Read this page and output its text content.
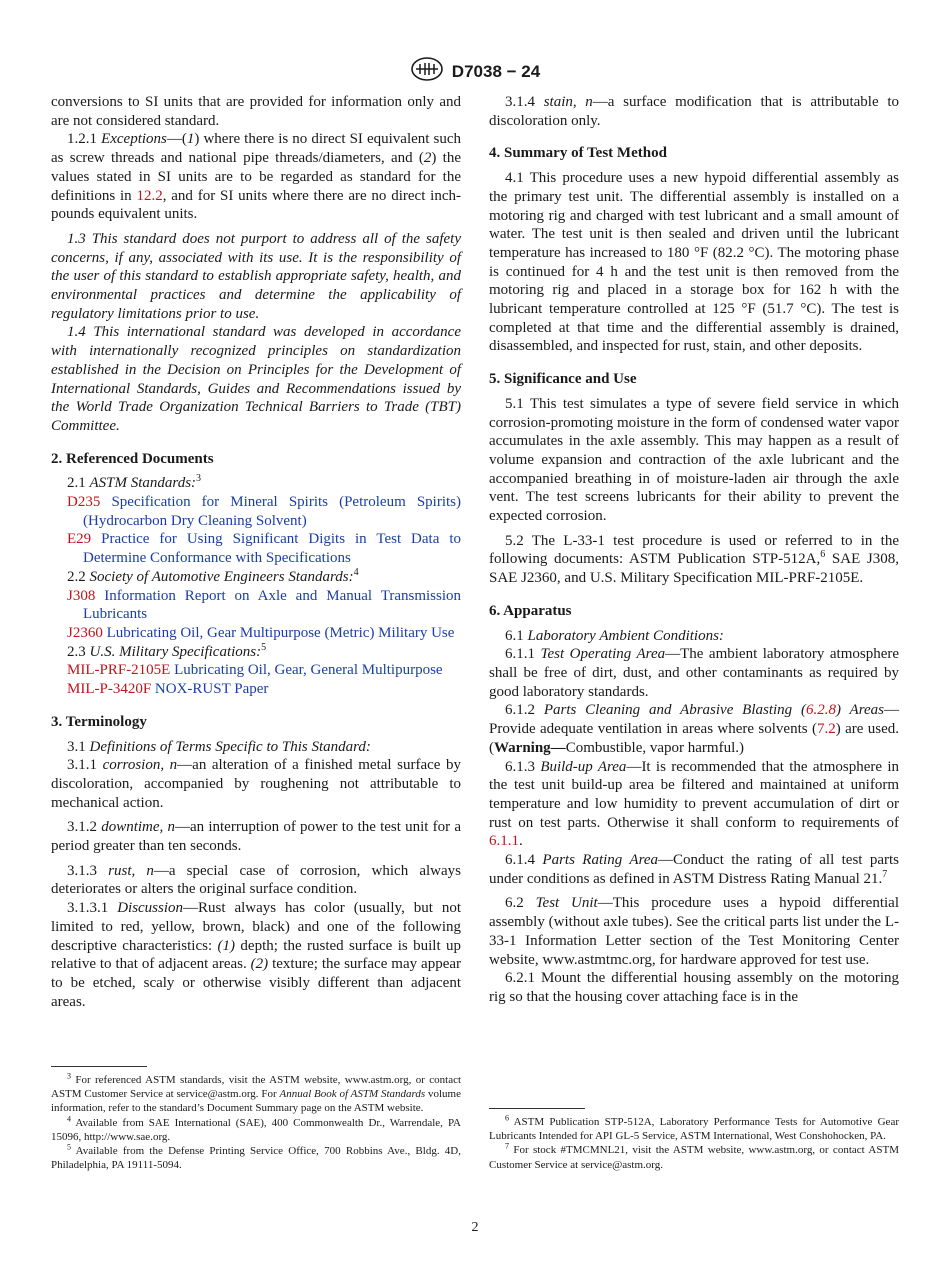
D7038 − 24

conversions to SI units that are provided for information only and are not considered standard.

1.2.1 Exceptions—(1) where there is no direct SI equivalent such as screw threads and national pipe threads/diameters, and (2) the values stated in SI units are to be regarded as standard for the definitions in 12.2, and for SI units where there are no direct inch-pounds equivalent units.

1.3 This standard does not purport to address all of the safety concerns, if any, associated with its use. It is the responsibility of the user of this standard to establish appropriate safety, health, and environmental practices and determine the applicability of regulatory limitations prior to use.

1.4 This international standard was developed in accordance with internationally recognized principles on standardization established in the Decision on Principles for the Development of International Standards, Guides and Recommendations issued by the World Trade Organization Technical Barriers to Trade (TBT) Committee.

2. Referenced Documents

2.1 ASTM Standards:$^3$

D235 Specification for Mineral Spirits (Petroleum Spirits) (Hydrocarbon Dry Cleaning Solvent)
E29 Practice for Using Significant Digits in Test Data to Determine Conformance with Specifications

2.2 Society of Automotive Engineers Standards:$^4$

J308 Information Report on Axle and Manual Transmission Lubricants
J2360 Lubricating Oil, Gear Multipurpose (Metric) Military Use

2.3 U.S. Military Specifications:$^5$

MIL-PRF-2105E Lubricating Oil, Gear, General Multipurpose
MIL-P-3420F NOX-RUST Paper
3. Terminology

3.1 Definitions of Terms Specific to This Standard:

3.1.1 corrosion, n—an alteration of a finished metal surface by discoloration, accompanied by roughening not attributable to mechanical action.

3.1.2 downtime, n—an interruption of power to the test unit for a period greater than ten seconds.

3.1.3 rust, n—a special case of corrosion, which always deteriorates or alters the original surface condition.

3.1.3.1 Discussion—Rust always has color (usually, but not limited to red, yellow, brown, black) and one of the following descriptive characteristics: (1) depth; the rusted surface is built up relative to that of adjacent areas. (2) texture; the surface may appear to be etched, scaly or otherwise visibly different than adjacent areas.

$^3$ For referenced ASTM standards, visit the ASTM website, www.astm.org, or contact ASTM Customer Service at service@astm.org. For Annual Book of ASTM Standards volume information, refer to the standard’s Document Summary page on the ASTM website.

$^4$ Available from SAE International (SAE), 400 Commonwealth Dr., Warrendale, PA 15096, http://www.sae.org.

$^5$ Available from the Defense Printing Service Office, 700 Robbins Ave., Bldg. 4D, Philadelphia, PA 19111-5094.

3.1.4 stain, n—a surface modification that is attributable to discoloration only.

4. Summary of Test Method

4.1 This procedure uses a new hypoid differential assembly as the primary test unit. The differential assembly is installed on a motoring rig and charged with test lubricant and a small amount of water. The test unit is then sealed and driven until the lubricant temperature has increased to 180 °F (82.2 °C). The motoring phase is continued for 4 h and the test unit is then removed from the motoring rig and placed in a storage box for 162 h with the lubricant temperature controlled at 125 °F (51.7 °C). The test is completed at that time and the differential assembly is drained, disassembled, and inspected for rust, stain, and other deposits.

5. Significance and Use

5.1 This test simulates a type of severe field service in which corrosion-promoting moisture in the form of condensed water vapor accumulates in the axle assembly. This may happen as a result of volume expansion and contraction of the axle lubricant and the accompanied breathing in of moisture-laden air through the axle vent. The test screens lubricants for their ability to prevent the expected corrosion.

5.2 The L-33-1 test procedure is used or referred to in the following documents: ASTM Publication STP-512A,$^6$ SAE J308, SAE J2360, and U.S. Military Specification MIL-PRF-2105E.

6. Apparatus

6.1 Laboratory Ambient Conditions:

6.1.1 Test Operating Area—The ambient laboratory atmosphere shall be free of dirt, dust, and other contaminants as required by good laboratory standards.

6.1.2 Parts Cleaning and Abrasive Blasting (6.2.8) Areas—Provide adequate ventilation in areas where solvents (7.2) are used. (Warning—Combustible, vapor harmful.)

6.1.3 Build-up Area—It is recommended that the atmosphere in the test unit build-up area be filtered and maintained at uniform temperature and low humidity to prevent accumulation of dirt or rust on test parts. Otherwise it shall conform to requirements of 6.1.1.

6.1.4 Parts Rating Area—Conduct the rating of all test parts under conditions as defined in ASTM Distress Rating Manual 21.$^7$

6.2 Test Unit—This procedure uses a hypoid differential assembly (without axle tubes). See the critical parts list under the L-33-1 Information Letter section of the Test Monitoring Center website, www.astmtmc.org, for hardware approved for test use.

6.2.1 Mount the differential housing assembly on the motoring rig so that the housing cover attaching face is in the

$^6$ ASTM Publication STP-512A, Laboratory Performance Tests for Automotive Gear Lubricants Intended for API GL-5 Service, ASTM International, West Conshohocken, PA.

$^7$ For stock #TMCMNL21, visit the ASTM website, www.astm.org, or contact ASTM Customer Service at service@astm.org.

2
